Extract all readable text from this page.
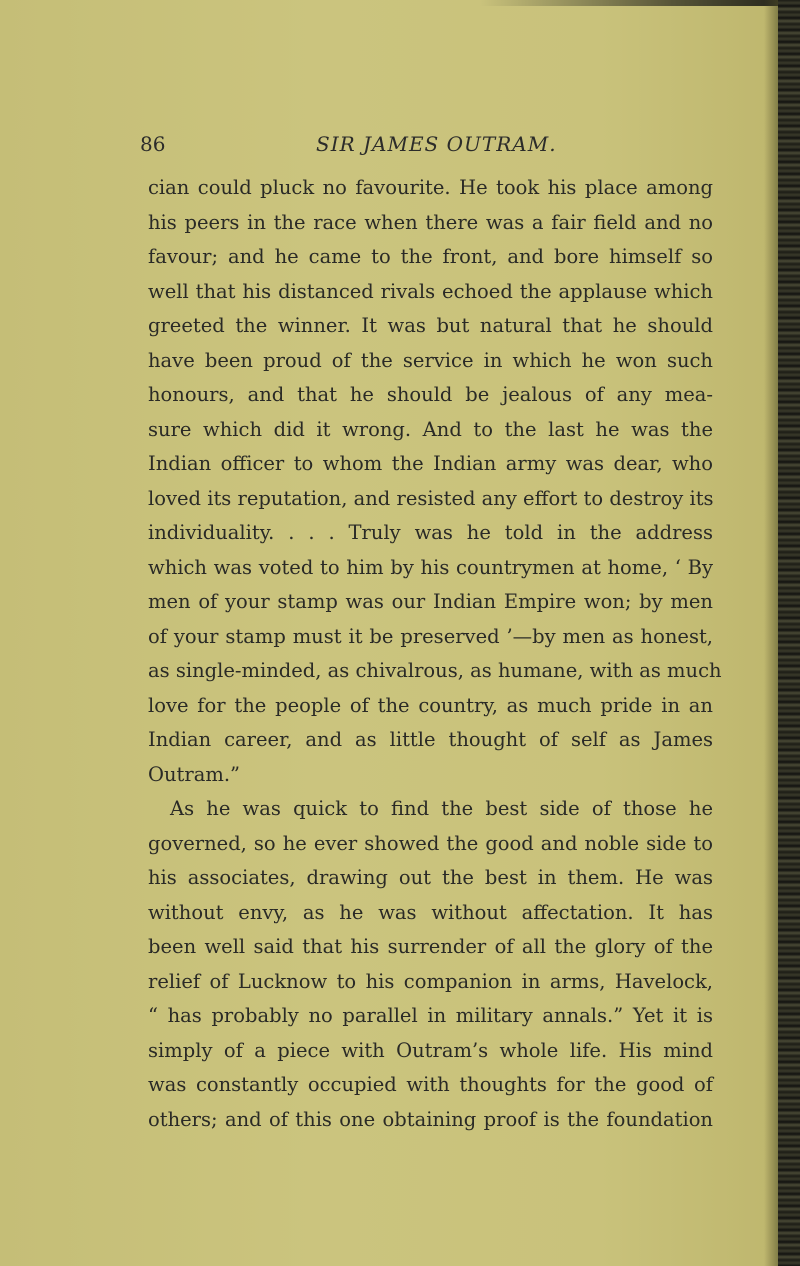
86	SIR JAMES OUTRAM.
cian could pluck no favourite. He took his place among
his peers in the race when there was a fair field and no
favour; and he came to the front, and bore himself so
well that his distanced rivals echoed the applause which
greeted the winner. It was but natural that he should
have been proud of the service in which he won such
honours, and that he should be jealous of any mea-
sure which did it wrong. And to the last he was the
Indian officer to whom the Indian army was dear, who
loved its reputation, and resisted any effort to destroy its
individuality. . . . Truly was he told in the address
which was voted to him by his countrymen at home, ‘ By
men of your stamp was our Indian Empire won; by men
of your stamp must it be preserved ’—by men as honest,
as single-minded, as chivalrous, as humane, with as much
love for the people of the country, as much pride in an
Indian career, and as little thought of self as James
Outram.”
As he was quick to find the best side of those he
governed, so he ever showed the good and noble side to
his associates, drawing out the best in them. He was
without envy, as he was without affectation. It has
been well said that his surrender of all the glory of the
relief of Lucknow to his companion in arms, Havelock,
“ has probably no parallel in military annals.” Yet it is
simply of a piece with Outram’s whole life. His mind
was constantly occupied with thoughts for the good of
others; and of this one obtaining proof is the foundation
